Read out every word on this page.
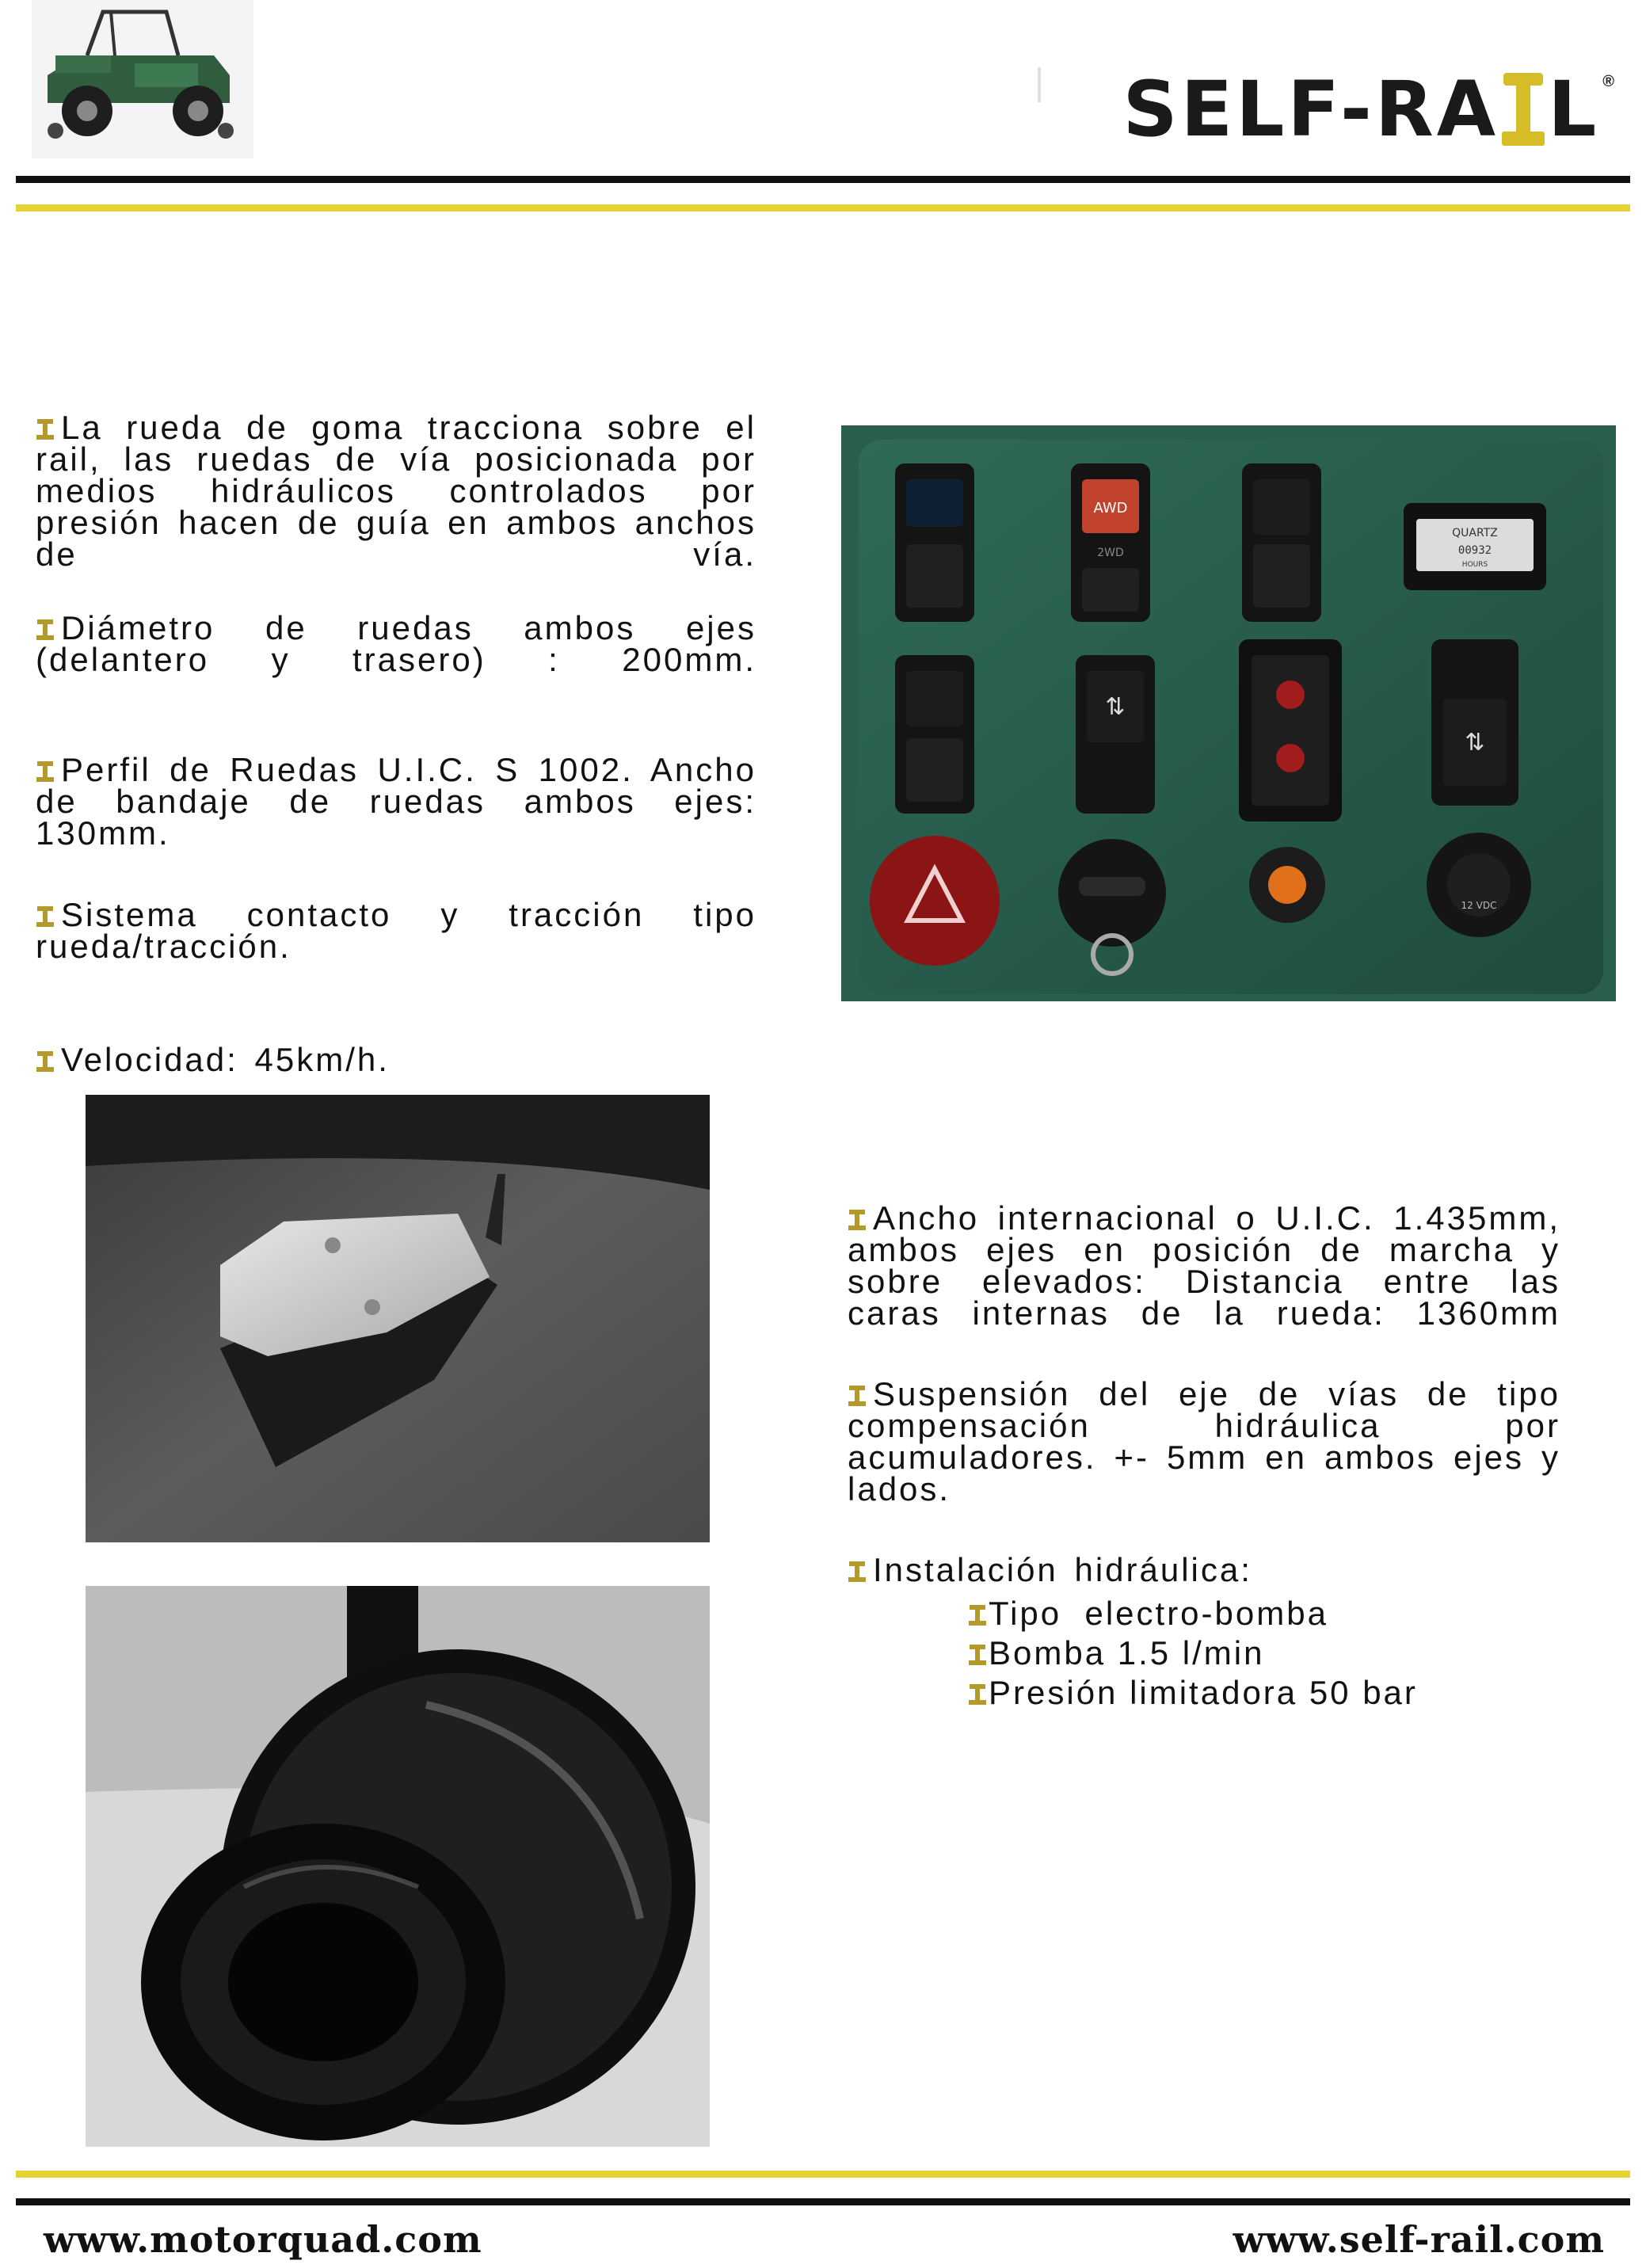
SELF-RA L ®
La rueda de goma tracciona sobre el rail, las ruedas de vía posicionada por medios hidráulicos controlados por presión hacen de guía en ambos anchos de vía.
Diámetro de ruedas ambos ejes (delantero y trasero) : 200mm.
Perfil de Ruedas U.I.C. S 1002. Ancho de bandaje de ruedas ambos ejes: 130mm.
Sistema contacto y tracción tipo rueda/tracción.
Velocidad: 45km/h.
AWD
2WD
QUARTZ
00932
HOURS
⇅
⇅
12 VDC
Ancho internacional o U.I.C. 1.435mm, ambos ejes en posición de marcha y sobre elevados: Distancia entre las caras internas de la rueda: 1360mm
Suspensión del eje de vías de tipo compensación hidráulica por acumuladores. +- 5mm en ambos ejes y lados.
Instalación hidráulica:
Tipo  electro-bomba
Bomba 1.5 l/min
Presión limitadora 50 bar
www.motorquad.com	www.self-rail.com
